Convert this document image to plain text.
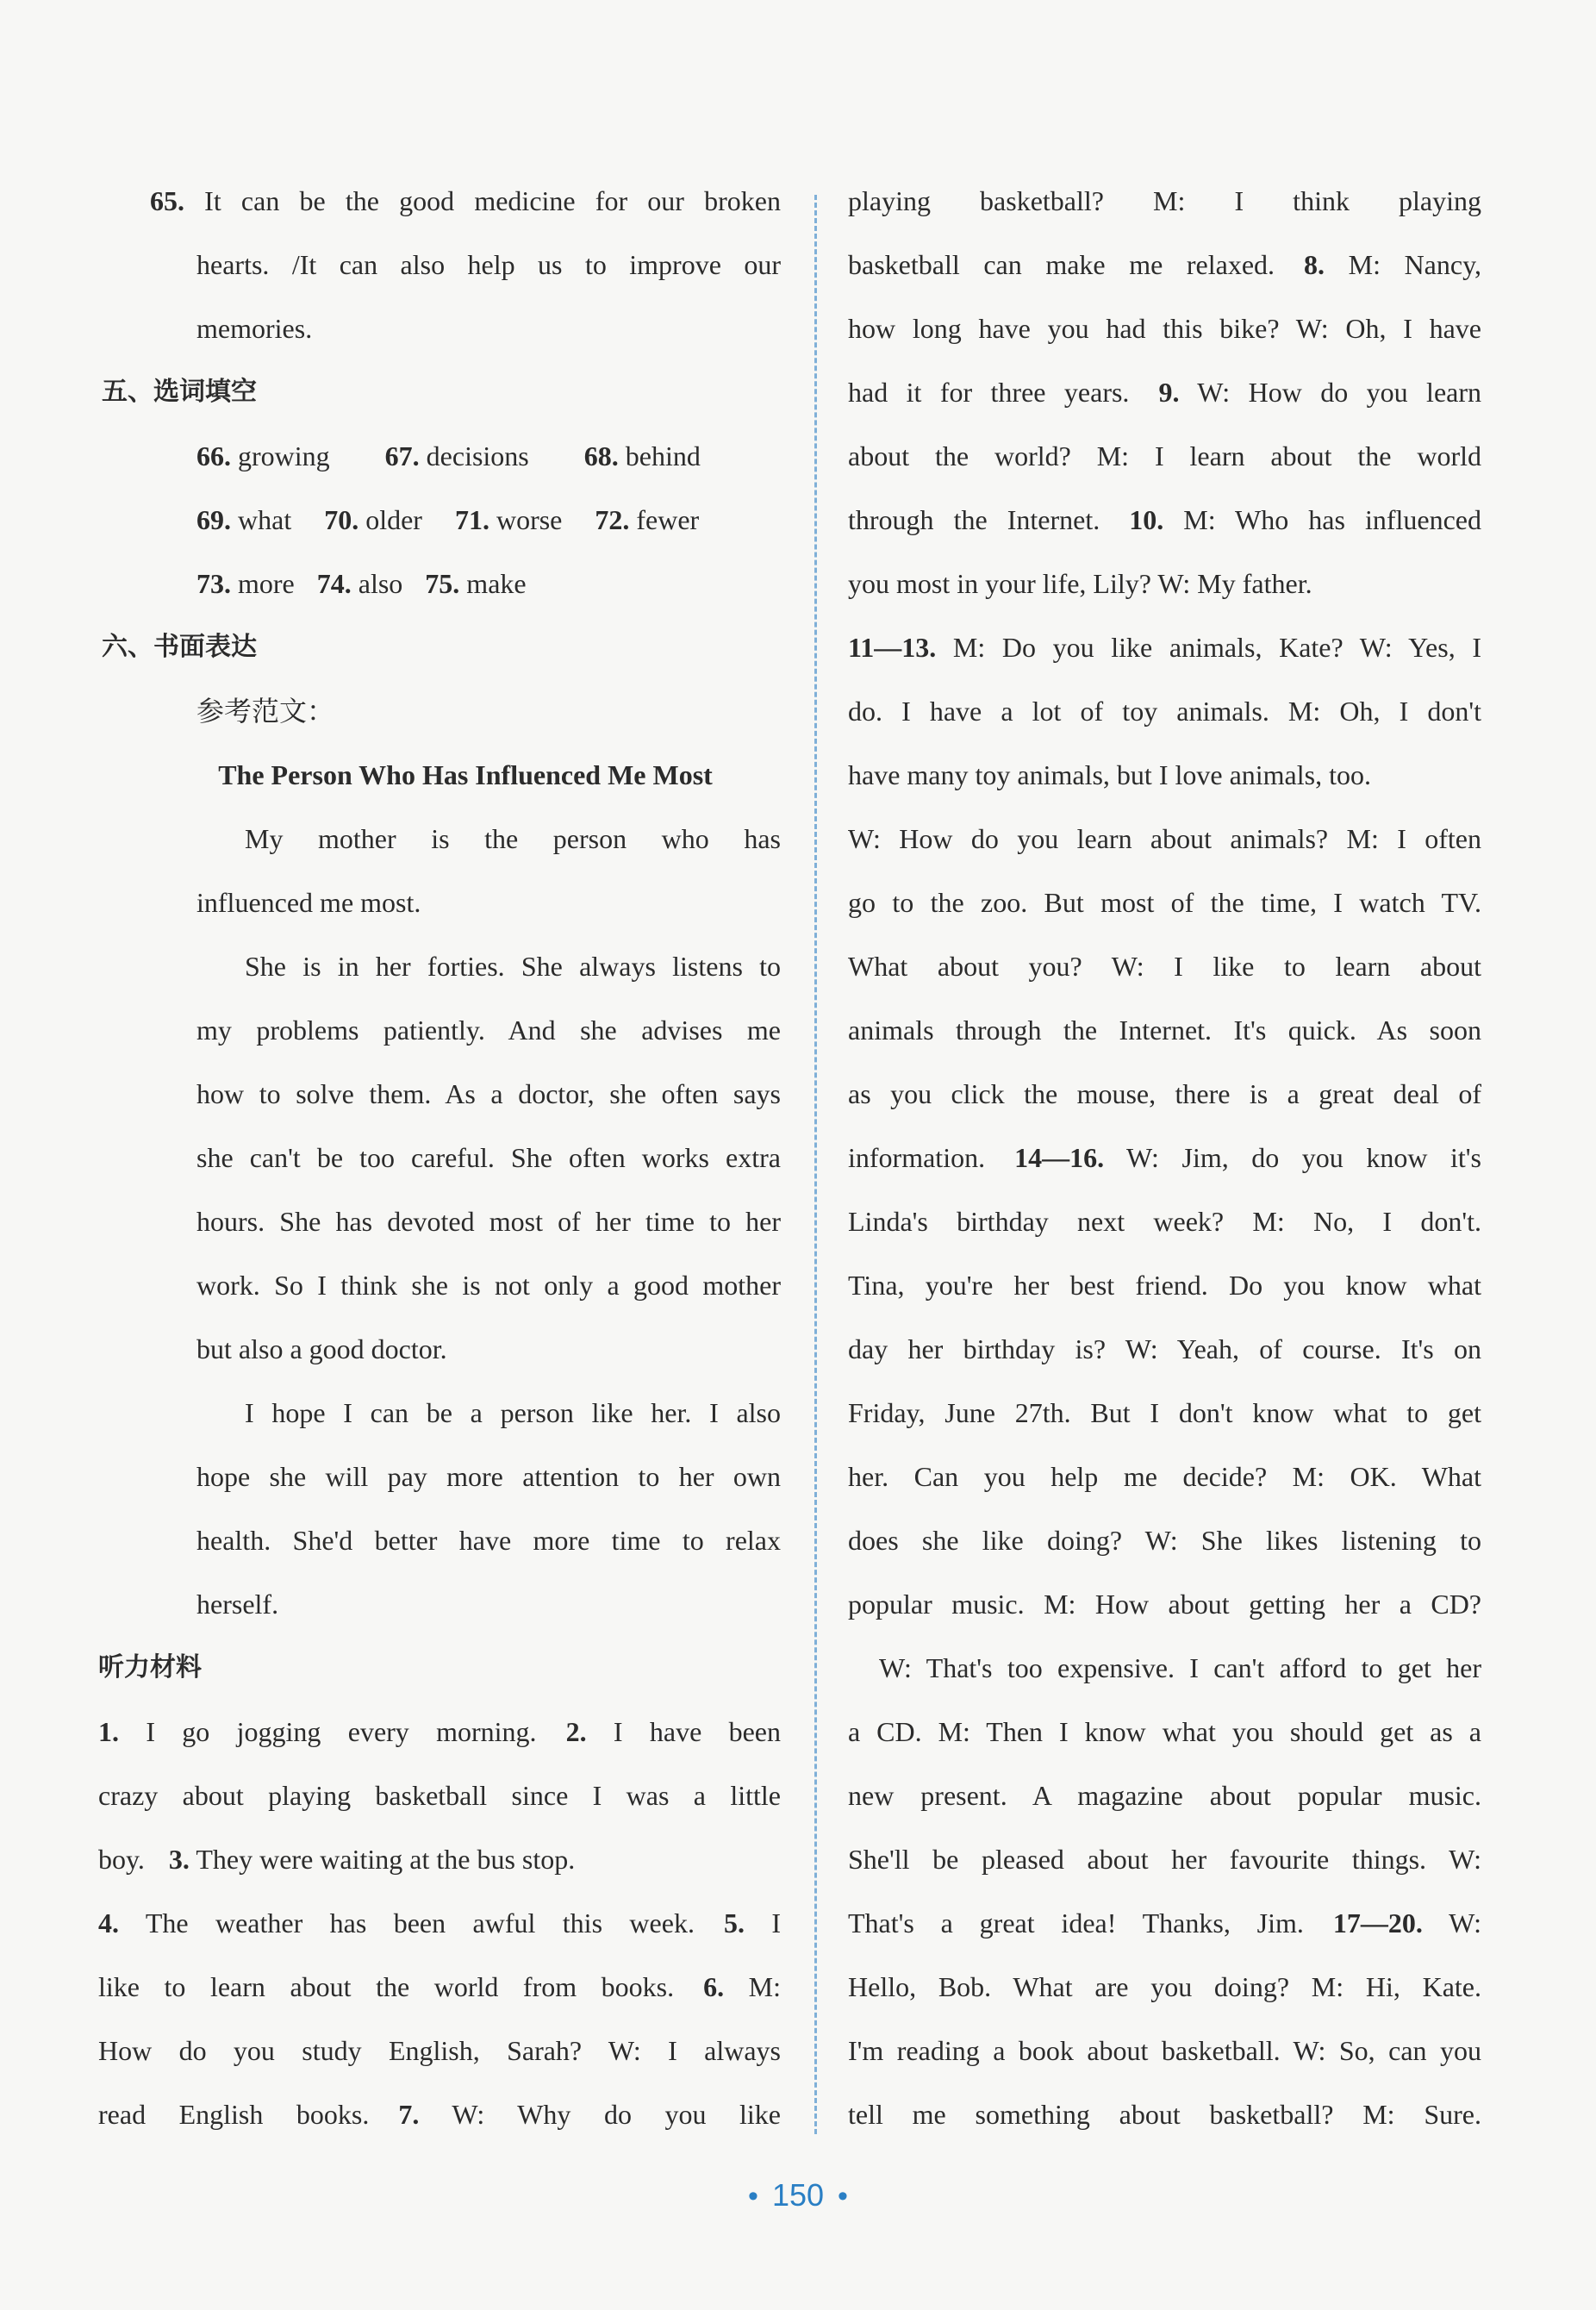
65. It can be the good medicine for our broken
hearts. /It can also help us to improve our
memories.
五、选词填空
66. growing 67. decisions 68. behind
69. what 70. older 71. worse 72. fewer
73. more 74. also 75. make
六、书面表达
参考范文：
The Person Who Has Influenced Me Most
My mother is the person who has
influenced me most.
She is in her forties. She always listens to
my problems patiently. And she advises me
how to solve them. As a doctor, she often says
she can't be too careful. She often works extra
hours. She has devoted most of her time to her
work. So I think she is not only a good mother
but also a good doctor.
I hope I can be a person like her. I also
hope she will pay more attention to her own
health. She'd better have more time to relax
herself.
听力材料
1. I go jogging every morning. 2. I have been
crazy about playing basketball since I was a little
boy. 3. They were waiting at the bus stop.
4. The weather has been awful this week. 5. I
like to learn about the world from books. 6. M:
How do you study English, Sarah? W: I always
read English books. 7. W: Why do you like
playing basketball? M: I think playing
basketball can make me relaxed. 8. M: Nancy,
how long have you had this bike? W: Oh, I have
had it for three years. 9. W: How do you learn
about the world? M: I learn about the world
through the Internet. 10. M: Who has influenced
you most in your life, Lily? W: My father.
11—13. M: Do you like animals, Kate? W: Yes, I
do. I have a lot of toy animals. M: Oh, I don't
have many toy animals, but I love animals, too.
W: How do you learn about animals? M: I often
go to the zoo. But most of the time, I watch TV.
What about you? W: I like to learn about
animals through the Internet. It's quick. As soon
as you click the mouse, there is a great deal of
information. 14—16. W: Jim, do you know it's
Linda's birthday next week? M: No, I don't.
Tina, you're her best friend. Do you know what
day her birthday is? W: Yeah, of course. It's on
Friday, June 27th. But I don't know what to get
her. Can you help me decide? M: OK. What
does she like doing? W: She likes listening to
popular music. M: How about getting her a CD?
W: That's too expensive. I can't afford to get her
a CD. M: Then I know what you should get as a
new present. A magazine about popular music.
She'll be pleased about her favourite things. W:
That's a great idea! Thanks, Jim. 17—20. W:
Hello, Bob. What are you doing? M: Hi, Kate.
I'm reading a book about basketball. W: So, can you
tell me something about basketball? M: Sure.
• 150 •
